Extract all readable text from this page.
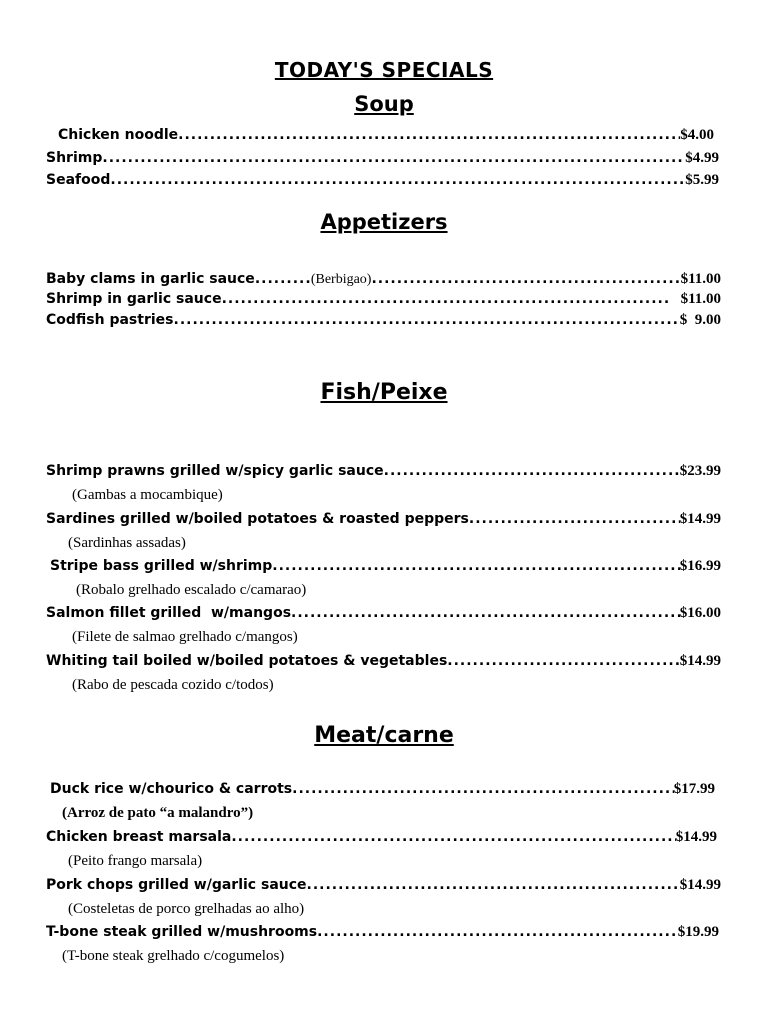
TODAY'S SPECIALS
Soup
Chicken noodle .....	$4.00
Shrimp .....	$4.99
Seafood .....	$5.99
Appetizers
Baby clams in garlic sauce .....	(Berbigao) .....	$11.00
Shrimp in garlic sauce .....	$11.00
Codfish pastries .....	$  9.00
Fish/Peixe
Shrimp prawns grilled w/spicy garlic sauce .....	$23.99
(Gambas a mocambique)
Sardines grilled w/boiled potatoes & roasted peppers .....	$14.99
(Sardinhas assadas)
Stripe bass grilled w/shrimp .....	$16.99
(Robalo grelhado escalado c/camarao)
Salmon fillet grilled  w/mangos .....	$16.00
(Filete de salmao grelhado c/mangos)
Whiting tail boiled w/boiled potatoes & vegetables .....	$14.99
(Rabo de pescada cozido c/todos)
Meat/carne
Duck rice w/chourico & carrots .....	$17.99
(Arroz de pato “a malandro”)
Chicken breast marsala .....	$14.99
(Peito frango marsala)
Pork chops grilled w/garlic sauce .....	$14.99
(Costeletas de porco grelhadas ao alho)
T-bone steak grilled w/mushrooms .....	$19.99
(T-bone steak grelhado c/cogumelos)
